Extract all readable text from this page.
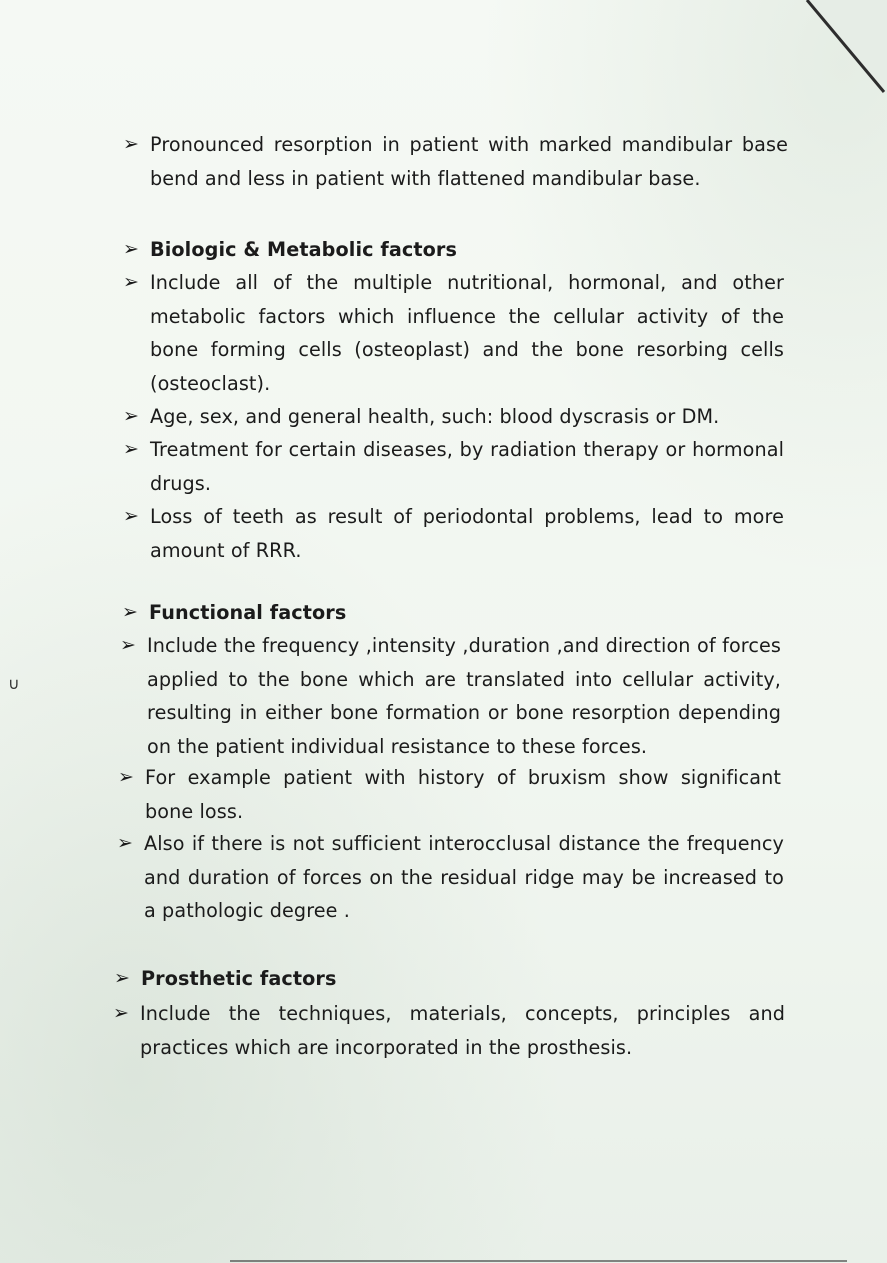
∪
➢ Pronounced resorption in patient with marked mandibular base bend and less in patient with flattened mandibular base.
➢ Biologic & Metabolic factors
➢ Include all of the multiple nutritional, hormonal, and other metabolic factors which influence the cellular activity of the bone forming cells (osteoplast) and the bone resorbing cells (osteoclast).
➢ Age, sex, and general health, such: blood dyscrasis or DM.
➢ Treatment for certain diseases, by radiation therapy or hormonal drugs.
➢ Loss of teeth as result of periodontal problems, lead to more amount of RRR.
➢ Functional factors
➢ Include the frequency ,intensity ,duration ,and direction of forces applied to the bone which are translated into cellular activity, resulting in either bone formation or bone resorption depending on the patient individual resistance to these forces.
➢ For example patient with history of bruxism show significant bone loss.
➢ Also if there is not sufficient interocclusal distance the frequency and duration of forces on the residual ridge may be increased to a pathologic degree .
➢ Prosthetic factors
➢ Include the techniques, materials, concepts, principles and practices which are incorporated in the prosthesis.
